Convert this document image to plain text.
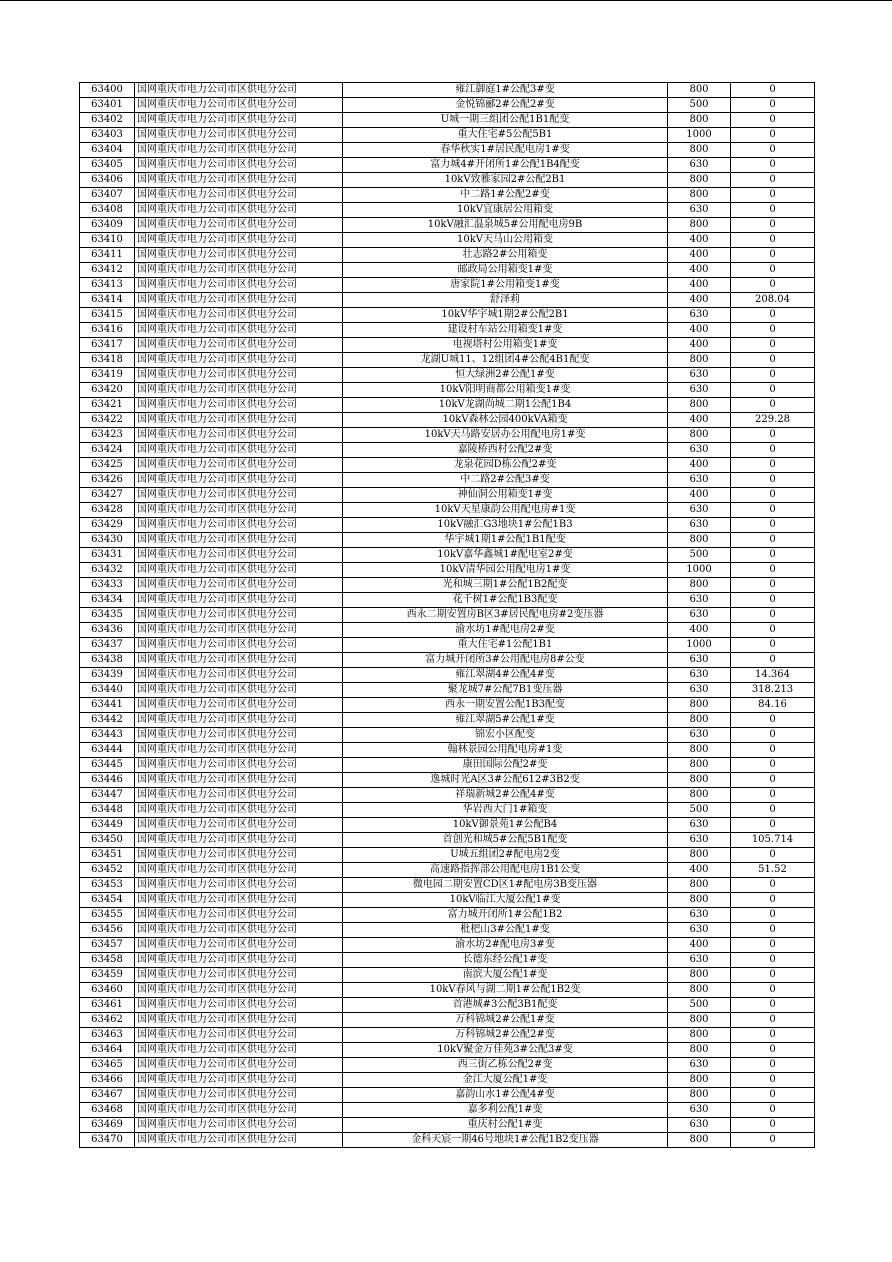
63400	国网重庆市电力公司市区供电分公司	雍江御庭1#公配3#变	800	0
63401	国网重庆市电力公司市区供电分公司	金悦锦郦2#公配2#变	500	0
63402	国网重庆市电力公司市区供电分公司	U城一期三组团公配1B1配变	800	0
63403	国网重庆市电力公司市区供电分公司	重大住宅#5公配5B1	1000	0
63404	国网重庆市电力公司市区供电分公司	春华秋实1#居民配电房1#变	800	0
63405	国网重庆市电力公司市区供电分公司	富力城4#开闭所1#公配1B4配变	630	0
63406	国网重庆市电力公司市区供电分公司	10kV致雅家园2#公配2B1	800	0
63407	国网重庆市电力公司市区供电分公司	中二路1#公配2#变	800	0
63408	国网重庆市电力公司市区供电分公司	10kV宜康居公用箱变	630	0
63409	国网重庆市电力公司市区供电分公司	10kV融汇温泉城5#公用配电房9B	800	0
63410	国网重庆市电力公司市区供电分公司	10kV天马山公用箱变	400	0
63411	国网重庆市电力公司市区供电分公司	壮志路2#公用箱变	400	0
63412	国网重庆市电力公司市区供电分公司	邮政局公用箱变1#变	400	0
63413	国网重庆市电力公司市区供电分公司	唐家院1#公用箱变1#变	400	0
63414	国网重庆市电力公司市区供电分公司	舒泽莉	400	208.04
63415	国网重庆市电力公司市区供电分公司	10kV华宇城1期2#公配2B1	630	0
63416	国网重庆市电力公司市区供电分公司	建设村车站公用箱变1#变	400	0
63417	国网重庆市电力公司市区供电分公司	电视塔村公用箱变1#变	400	0
63418	国网重庆市电力公司市区供电分公司	龙湖U城11、12组团4#公配4B1配变	800	0
63419	国网重庆市电力公司市区供电分公司	恒大绿洲2#公配1#变	630	0
63420	国网重庆市电力公司市区供电分公司	10kV阳明商都公用箱变1#变	630	0
63421	国网重庆市电力公司市区供电分公司	10kV龙湖尚城二期1公配1B4	800	0
63422	国网重庆市电力公司市区供电分公司	10kV森林公园400kVA箱变	400	229.28
63423	国网重庆市电力公司市区供电分公司	10kV天马路安居办公用配电房1#变	800	0
63424	国网重庆市电力公司市区供电分公司	嘉陵桥西村公配2#变	630	0
63425	国网重庆市电力公司市区供电分公司	龙泉花园D栋公配2#变	400	0
63426	国网重庆市电力公司市区供电分公司	中二路2#公配3#变	630	0
63427	国网重庆市电力公司市区供电分公司	神仙洞公用箱变1#变	400	0
63428	国网重庆市电力公司市区供电分公司	10kV天星康韵公用配电房#1变	630	0
63429	国网重庆市电力公司市区供电分公司	10kV融汇G3地块1#公配1B3	630	0
63430	国网重庆市电力公司市区供电分公司	华宇城1期1#公配1B1配变	800	0
63431	国网重庆市电力公司市区供电分公司	10kV嘉华鑫城1#配电室2#变	500	0
63432	国网重庆市电力公司市区供电分公司	10kV清华园公用配电房1#变	1000	0
63433	国网重庆市电力公司市区供电分公司	光和城三期1#公配1B2配变	800	0
63434	国网重庆市电力公司市区供电分公司	花千树1#公配1B3配变	630	0
63435	国网重庆市电力公司市区供电分公司	西永二期安置房B区3#居民配电房#2变压器	630	0
63436	国网重庆市电力公司市区供电分公司	渝水坊1#配电房2#变	400	0
63437	国网重庆市电力公司市区供电分公司	重大住宅#1公配1B1	1000	0
63438	国网重庆市电力公司市区供电分公司	富力城开闭所3#公用配电房8#公变	630	0
63439	国网重庆市电力公司市区供电分公司	雍江翠湖4#公配4#变	630	14.364
63440	国网重庆市电力公司市区供电分公司	聚龙城7#公配7B1变压器	630	318.213
63441	国网重庆市电力公司市区供电分公司	西永一期安置公配1B3配变	800	84.16
63442	国网重庆市电力公司市区供电分公司	雍江翠湖5#公配1#变	800	0
63443	国网重庆市电力公司市区供电分公司	锦宏小区配变	630	0
63444	国网重庆市电力公司市区供电分公司	翰林景园公用配电房#1变	800	0
63445	国网重庆市电力公司市区供电分公司	康田国际公配2#变	800	0
63446	国网重庆市电力公司市区供电分公司	逸城时光A区3#公配612#3B2变	800	0
63447	国网重庆市电力公司市区供电分公司	祥瑞新城2#公配4#变	800	0
63448	国网重庆市电力公司市区供电分公司	华岩西大门1#箱变	500	0
63449	国网重庆市电力公司市区供电分公司	10kV御景苑1#公配B4	630	0
63450	国网重庆市电力公司市区供电分公司	首创光和城5#公配5B1配变	630	105.714
63451	国网重庆市电力公司市区供电分公司	U城五组团2#配电房2变	800	0
63452	国网重庆市电力公司市区供电分公司	高速路指挥部公用配电房1B1公变	400	51.52
63453	国网重庆市电力公司市区供电分公司	微电园二期安置CD区1#配电房3B变压器	800	0
63454	国网重庆市电力公司市区供电分公司	10kV临江大厦公配1#变	800	0
63455	国网重庆市电力公司市区供电分公司	富力城开闭所1#公配1B2	630	0
63456	国网重庆市电力公司市区供电分公司	枇杷山3#公配1#变	630	0
63457	国网重庆市电力公司市区供电分公司	渝水坊2#配电房3#变	400	0
63458	国网重庆市电力公司市区供电分公司	长德东经公配1#变	630	0
63459	国网重庆市电力公司市区供电分公司	南滨大厦公配1#变	800	0
63460	国网重庆市电力公司市区供电分公司	10kV春风与湖二期1#公配1B2变	800	0
63461	国网重庆市电力公司市区供电分公司	首港城#3公配3B1配变	500	0
63462	国网重庆市电力公司市区供电分公司	万科锦城2#公配1#变	800	0
63463	国网重庆市电力公司市区供电分公司	万科锦城2#公配2#变	800	0
63464	国网重庆市电力公司市区供电分公司	10kV聚金万佳苑3#公配3#变	800	0
63465	国网重庆市电力公司市区供电分公司	西三街乙栋公配2#变	630	0
63466	国网重庆市电力公司市区供电分公司	金江大厦公配1#变	800	0
63467	国网重庆市电力公司市区供电分公司	嘉韵山水1#公配4#变	800	0
63468	国网重庆市电力公司市区供电分公司	嘉多利公配1#变	630	0
63469	国网重庆市电力公司市区供电分公司	重庆村公配1#变	630	0
63470	国网重庆市电力公司市区供电分公司	金科天宸一期46号地块1#公配1B2变压器	800	0
